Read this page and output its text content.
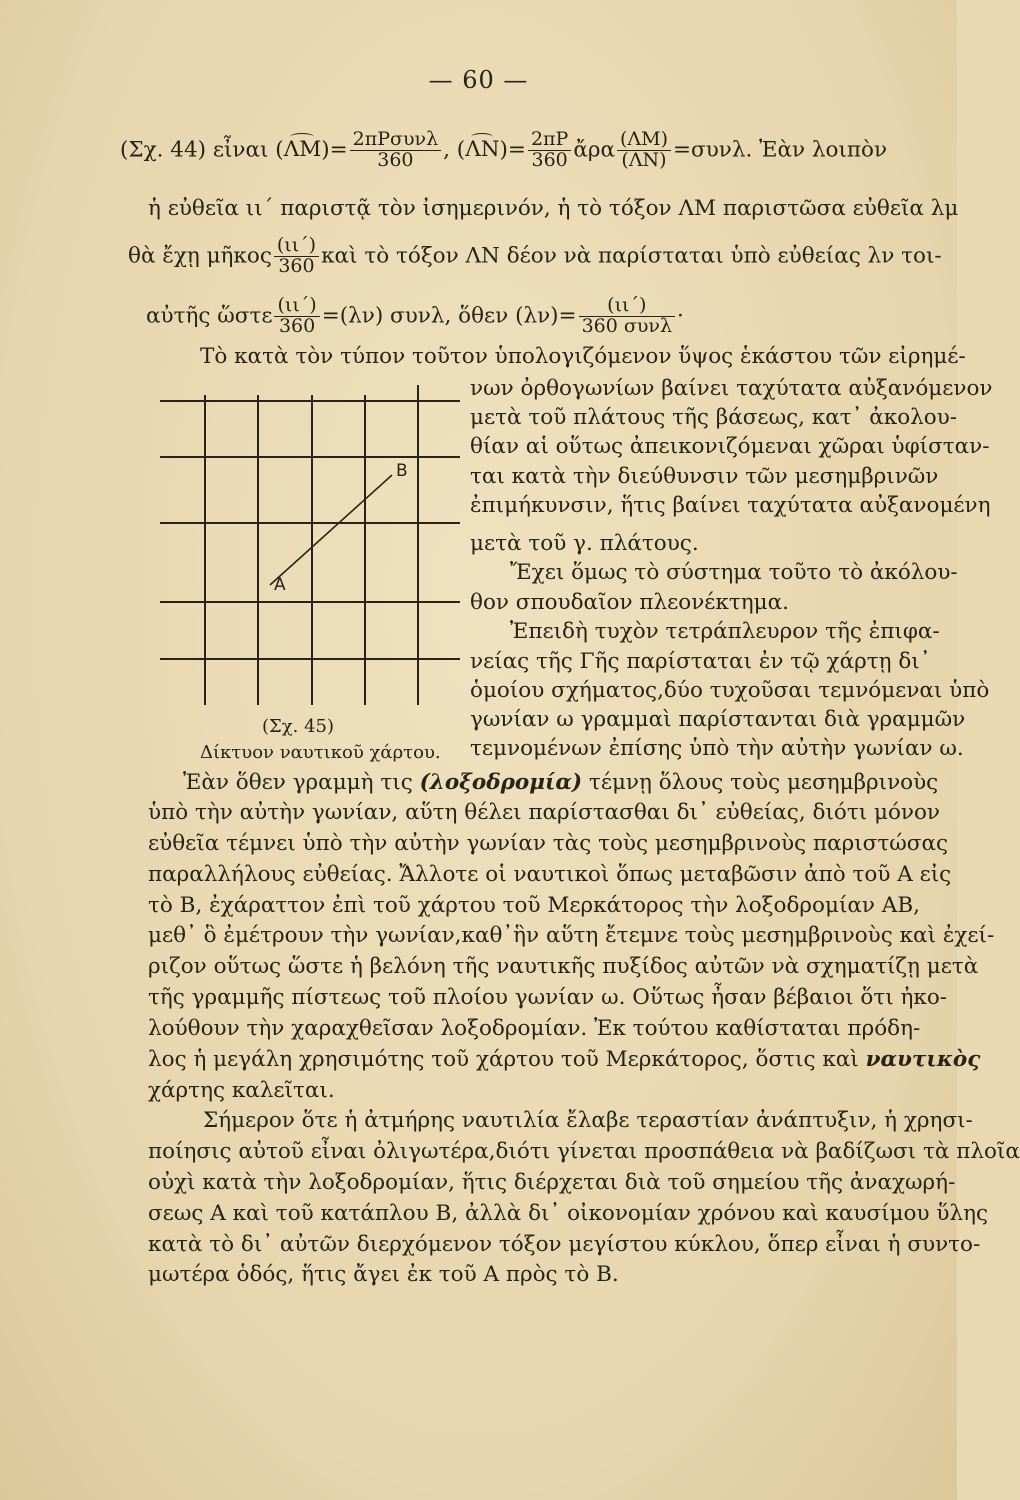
— 60 —
(Σχ. 44) εἶναι $(\Lambda M)= \frac{\text{2πΡσυνλ}}{360}$ , $(\Lambda N)= \frac{2\pi P}{360}$ ἄρα $\frac{(\Lambda M)}{(\Lambda N)} =\sigma\upsilon\nu\lambda$. Ἐὰν λοιπὸν
ἡ εὐθεῖα ιι΄ παριστᾷ τὸν ἰσημερινόν, ἡ τὸ τόξον ΛΜ παριστῶσα εὐθεῖα λμ
θὰ ἔχῃ μῆκος $\frac{(\iota\iota΄)}{360}$ καὶ τὸ τόξον ΛΝ δέον νὰ παρίσταται ὑπὸ εὐθείας λν τοι-
αὐτῆς ὥστε $\frac{(\iota\iota΄)}{360} =(\lambda\nu)$ συνλ, ὅθεν $(\lambda\nu)= \frac{(\iota\iota΄)}{\text{360 συνλ}}$ ·
Τὸ κατὰ τὸν τύπον τοῦτον ὑπολογιζόμενον ὕψος ἑκάστου τῶν εἰρημέ-
νων ὀρθογωνίων βαίνει ταχύτατα αὐξανόμενον
μετὰ τοῦ πλάτους τῆς βάσεως, κατ᾽ ἀκολου-
θίαν αἱ οὕτως ἀπεικονιζόμεναι χῶραι ὑφίσταν-
ται κατὰ τὴν διεύθυνσιν τῶν μεσημβρινῶν
ἐπιμήκυνσιν, ἥτις βαίνει ταχύτατα αὐξανομένη
μετὰ τοῦ γ. πλάτους.
Ἔχει ὅμως τὸ σύστημα τοῦτο τὸ ἀκόλου-
θον σπουδαῖον πλεονέκτημα.
Ἐπειδὴ τυχὸν τετράπλευρον τῆς ἐπιφα-
νείας τῆς Γῆς παρίσταται ἐν τῷ χάρτῃ δι᾽
ὁμοίου σχήματος,δύο τυχοῦσαι τεμνόμεναι ὑπὸ
γωνίαν ω γραμμαὶ παρίστανται διὰ γραμμῶν
τεμνομένων ἐπίσης ὑπὸ τὴν αὐτὴν γωνίαν ω.
Α
Β
(Σχ. 45)
Δίκτυον ναυτικοῦ χάρτου.
Ἐὰν ὅθεν γραμμὴ τις (λοξοδρομία) τέμνῃ ὅλους τοὺς μεσημβρινοὺς
ὑπὸ τὴν αὐτὴν γωνίαν, αὕτη θέλει παρίστασθαι δι᾽ εὐθείας, διότι μόνον
εὐθεῖα τέμνει ὑπὸ τὴν αὐτὴν γωνίαν τὰς τοὺς μεσημβρινοὺς παριστώσας
παραλλήλους εὐθείας. Ἄλλοτε οἱ ναυτικοὶ ὅπως μεταβῶσιν ἀπὸ τοῦ Α εἰς
τὸ Β, ἐχάραττον ἐπὶ τοῦ χάρτου τοῦ Μερκάτορος τὴν λοξοδρομίαν ΑΒ,
μεθ᾽ ὃ ἐμέτρουν τὴν γωνίαν,καθ᾽ἣν αὕτη ἔτεμνε τοὺς μεσημβρινοὺς καὶ ἐχεί-
ριζον οὕτως ὥστε ἡ βελόνη τῆς ναυτικῆς πυξίδος αὐτῶν νὰ σχηματίζῃ μετὰ
τῆς γραμμῆς πίστεως τοῦ πλοίου γωνίαν ω. Οὕτως ἦσαν βέβαιοι ὅτι ἠκο-
λούθουν τὴν χαραχθεῖσαν λοξοδρομίαν. Ἐκ τούτου καθίσταται πρόδη-
λος ἡ μεγάλη χρησιμότης τοῦ χάρτου τοῦ Μερκάτορος, ὅστις καὶ ναυτικὸς
χάρτης καλεῖται.
Σήμερον ὅτε ἡ ἀτμήρης ναυτιλία ἔλαβε τεραστίαν ἀνάπτυξιν, ἡ χρησι-
ποίησις αὐτοῦ εἶναι ὀλιγωτέρα,διότι γίνεται προσπάθεια νὰ βαδίζωσι τὰ πλοῖα
οὐχὶ κατὰ τὴν λοξοδρομίαν, ἥτις διέρχεται διὰ τοῦ σημείου τῆς ἀναχωρή-
σεως Α καὶ τοῦ κατάπλου Β, ἀλλὰ δι᾽ οἰκονομίαν χρόνου καὶ καυσίμου ὕλης
κατὰ τὸ δι᾽ αὐτῶν διερχόμενον τόξον μεγίστου κύκλου, ὅπερ εἶναι ἡ συντο-
μωτέρα ὁδός, ἥτις ἄγει ἐκ τοῦ Α πρὸς τὸ Β.
